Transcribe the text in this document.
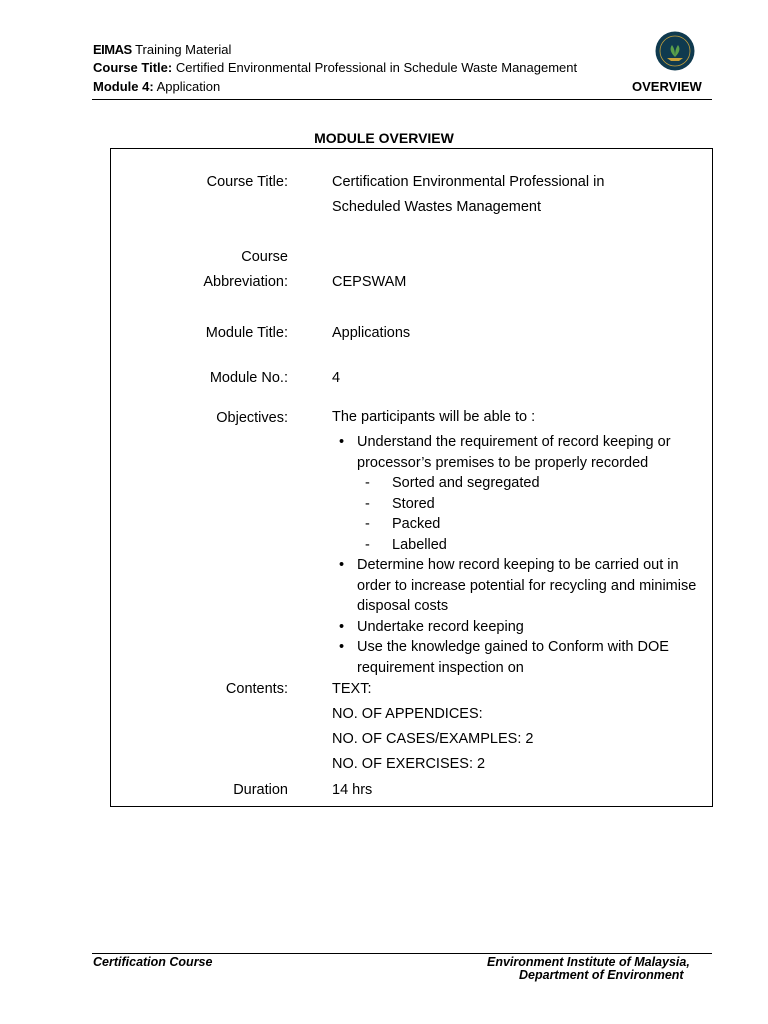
EIMAS Training Material
Course Title: Certified Environmental Professional in Schedule Waste Management
Module 4: Application	OVERVIEW
MODULE OVERVIEW
Course Title:	Certification Environmental Professional in
Scheduled Wastes Management
Course
Abbreviation:	CEPSWAM
Module Title:	Applications
Module No.:	4
Objectives:	The participants will be able to :
• Understand the requirement of record keeping or processor’s premises to be properly recorded
- Sorted and segregated
- Stored
- Packed
- Labelled
• Determine how record keeping to be carried out in order to increase potential for recycling and minimise disposal costs
• Undertake record keeping
• Use the knowledge gained to Conform with DOE requirement inspection on
Contents:	TEXT:
NO. OF APPENDICES:
NO. OF CASES/EXAMPLES: 2
NO. OF EXERCISES: 2
Duration	14 hrs
Certification Course	Environment Institute of Malaysia,
Department of Environment
